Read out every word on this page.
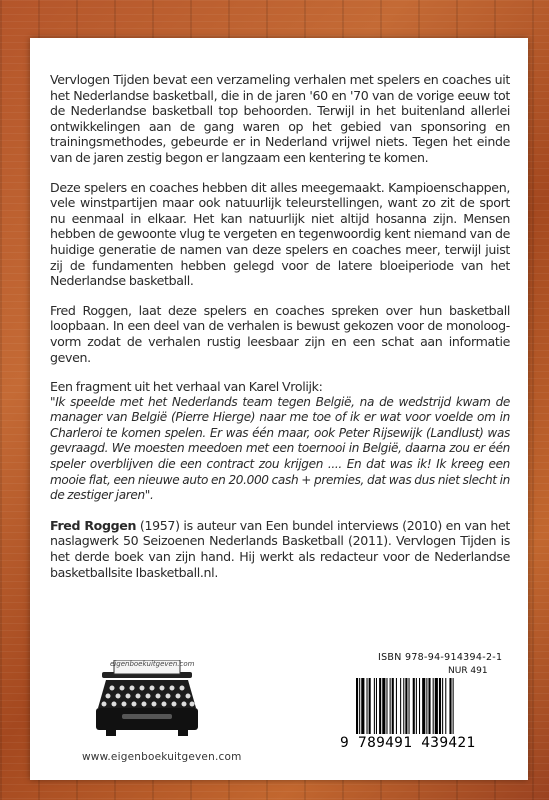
Vervlogen Tijden bevat een verzameling verhalen met spelers en coaches uit het Nederlandse basketball, die in de jaren '60 en '70 van de vorige eeuw tot de Nederlandse basketball top behoorden. Terwijl in het buitenland allerlei ontwikkelingen aan de gang waren op het gebied van sponsoring en trainingsmethodes, gebeurde er in Nederland vrijwel niets. Tegen het einde van de jaren zestig begon er langzaam een kentering te komen.

Deze spelers en coaches hebben dit alles meegemaakt. Kampioenschappen, vele winstpartijen maar ook natuurlijk teleurstellingen, want zo zit de sport nu eenmaal in elkaar. Het kan natuurlijk niet altijd hosanna zijn. Mensen hebben de gewoonte vlug te vergeten en tegenwoordig kent niemand van de huidige generatie de namen van deze spelers en coaches meer, terwijl juist zij de fundamenten hebben gelegd voor de latere bloeiperiode van het Nederlandse basketball.

Fred Roggen, laat deze spelers en coaches spreken over hun basketball loopbaan. In een deel van de verhalen is bewust gekozen voor de monoloog-vorm zodat de verhalen rustig leesbaar zijn en een schat aan informatie geven.

Een fragment uit het verhaal van Karel Vrolijk:

"Ik speelde met het Nederlands team tegen België, na de wedstrijd kwam de manager van België (Pierre Hierge) naar me toe of ik er wat voor voelde om in Charleroi te komen spelen. Er was één maar, ook Peter Rijsewijk (Landlust) was gevraagd. We moesten meedoen met een toernooi in België, daarna zou er één speler overblijven die een contract zou krijgen .... En dat was ik! Ik kreeg een mooie flat, een nieuwe auto en 20.000 cash + premies, dat was dus niet slecht in de zestiger jaren".

Fred Roggen (1957) is auteur van Een bundel interviews (2010) en van het naslagwerk 50 Seizoenen Nederlands Basketball (2011). Vervlogen Tijden is het derde boek van zijn hand. Hij werkt als redacteur voor de Nederlandse basketballsite Ibasketball.nl.

eigenboekuitgeven.com
www.eigenboekuitgeven.com
ISBN 978-94-914394-2-1
NUR 491
9 789491 439421
